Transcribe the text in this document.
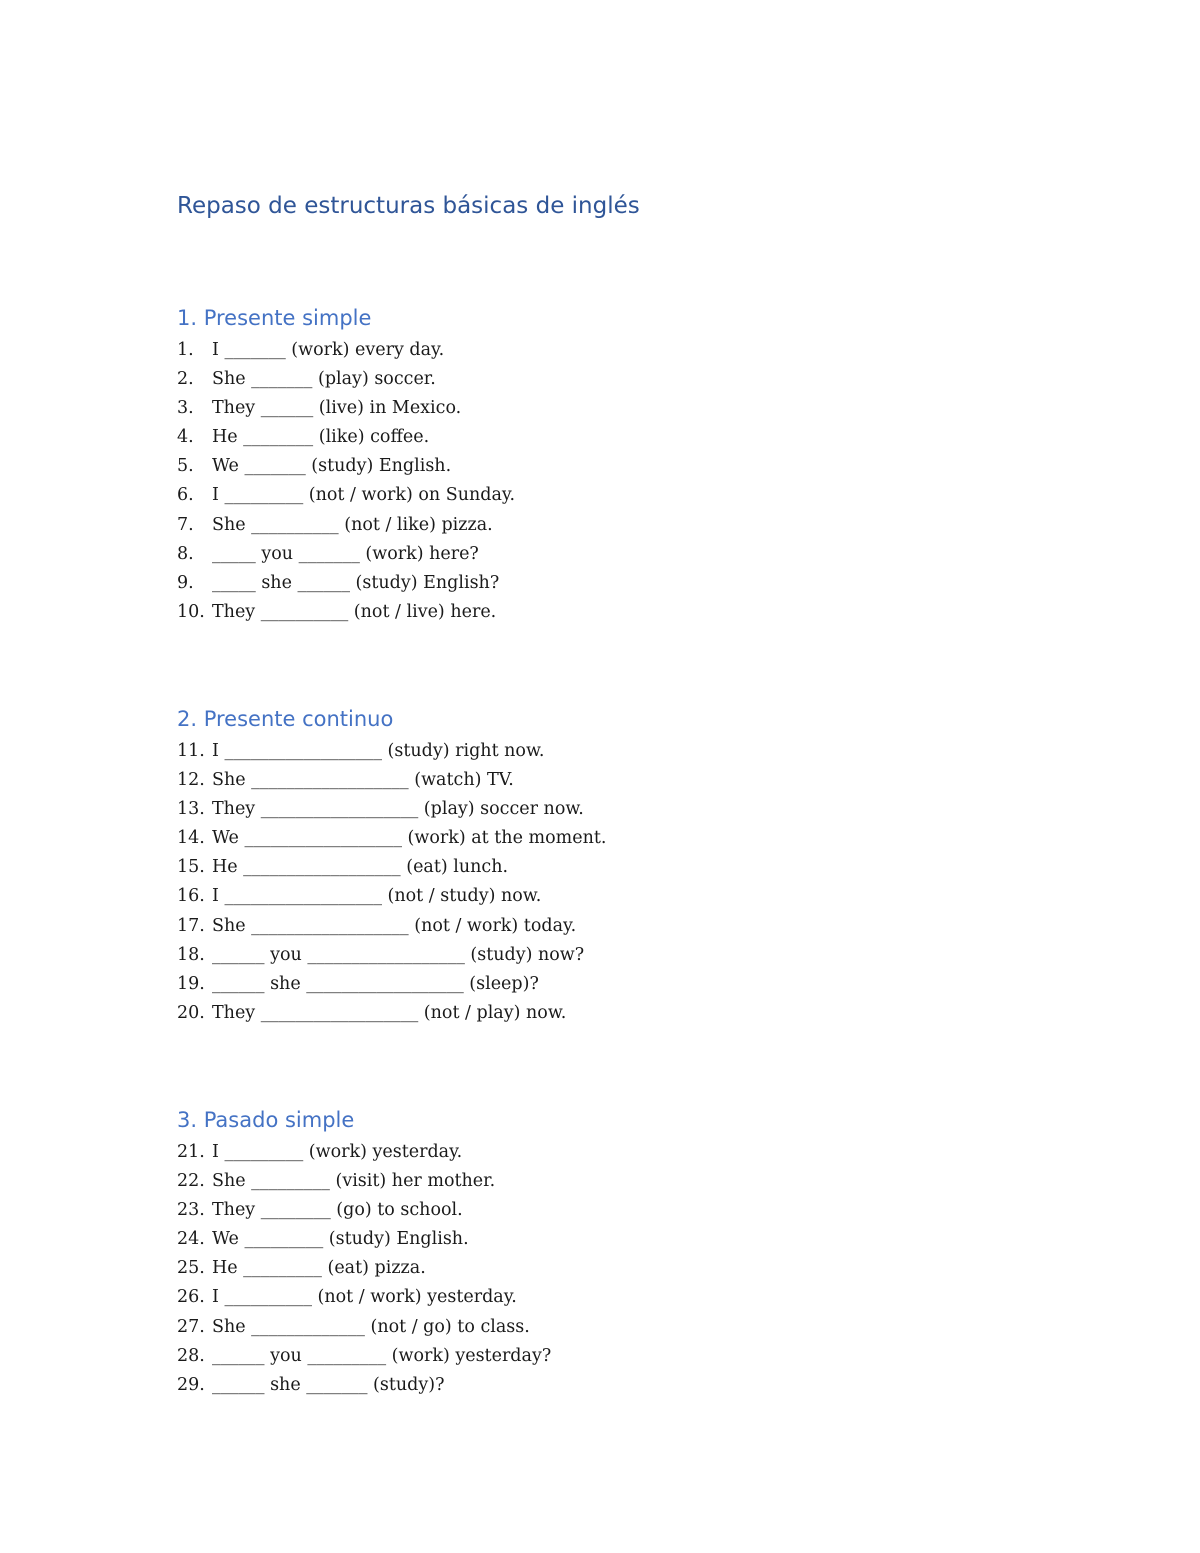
Repaso de estructuras básicas de inglés
1. Presente simple
1. I _______ (work) every day.
2. She _______ (play) soccer.
3. They ______ (live) in Mexico.
4. He ________ (like) coffee.
5. We _______ (study) English.
6. I _________ (not / work) on Sunday.
7. She __________ (not / like) pizza.
8. _____ you _______ (work) here?
9. _____ she ______ (study) English?
10. They __________ (not / live) here.
2. Presente continuo
11. I __________________ (study) right now.
12. She __________________ (watch) TV.
13. They __________________ (play) soccer now.
14. We __________________ (work) at the moment.
15. He __________________ (eat) lunch.
16. I __________________ (not / study) now.
17. She __________________ (not / work) today.
18. ______ you __________________ (study) now?
19. ______ she __________________ (sleep)?
20. They __________________ (not / play) now.
3. Pasado simple
21. I _________ (work) yesterday.
22. She _________ (visit) her mother.
23. They ________ (go) to school.
24. We _________ (study) English.
25. He _________ (eat) pizza.
26. I __________ (not / work) yesterday.
27. She _____________ (not / go) to class.
28. ______ you _________ (work) yesterday?
29. ______ she _______ (study)?
